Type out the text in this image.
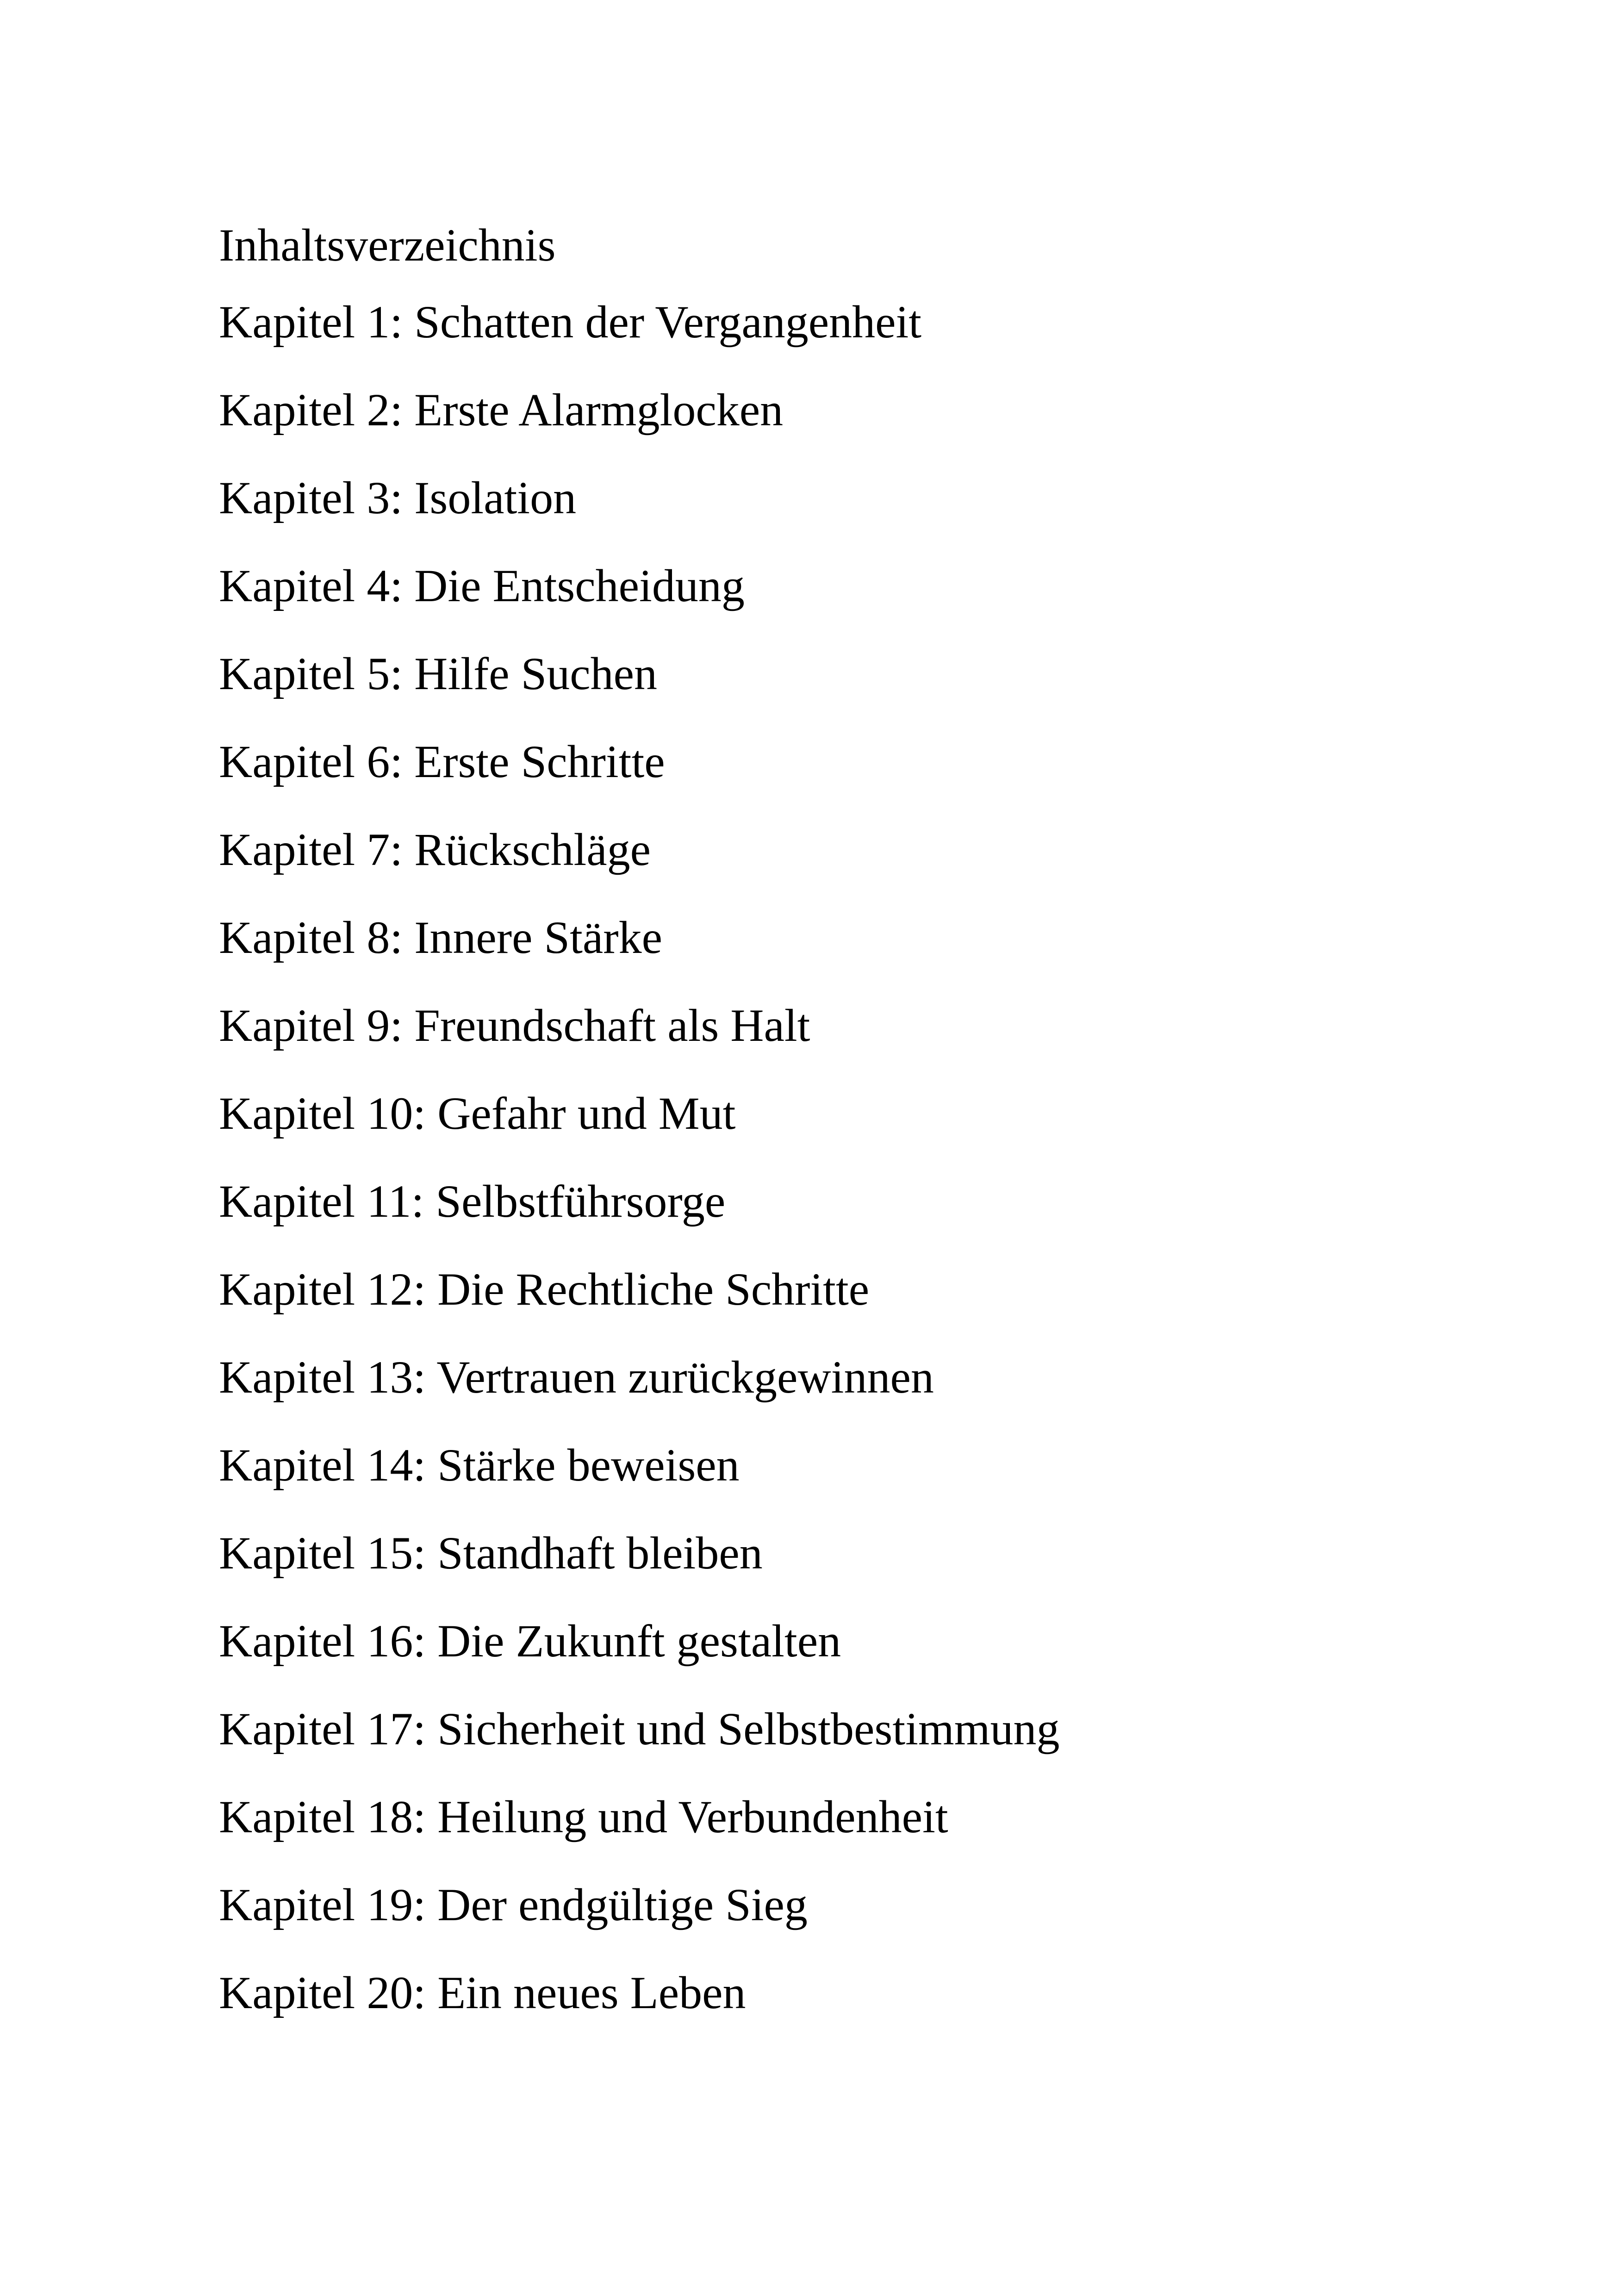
Inhaltsverzeichnis
Kapitel 1: Schatten der Vergangenheit
Kapitel 2: Erste Alarmglocken
Kapitel 3: Isolation
Kapitel 4: Die Entscheidung
Kapitel 5: Hilfe Suchen
Kapitel 6: Erste Schritte
Kapitel 7: Rückschläge
Kapitel 8: Innere Stärke
Kapitel 9: Freundschaft als Halt
Kapitel 10: Gefahr und Mut
Kapitel 11: Selbstführsorge
Kapitel 12: Die Rechtliche Schritte
Kapitel 13: Vertrauen zurückgewinnen
Kapitel 14: Stärke beweisen
Kapitel 15: Standhaft bleiben
Kapitel 16: Die Zukunft gestalten
Kapitel 17: Sicherheit und Selbstbestimmung
Kapitel 18: Heilung und Verbundenheit
Kapitel 19: Der endgültige Sieg
Kapitel 20: Ein neues Leben
